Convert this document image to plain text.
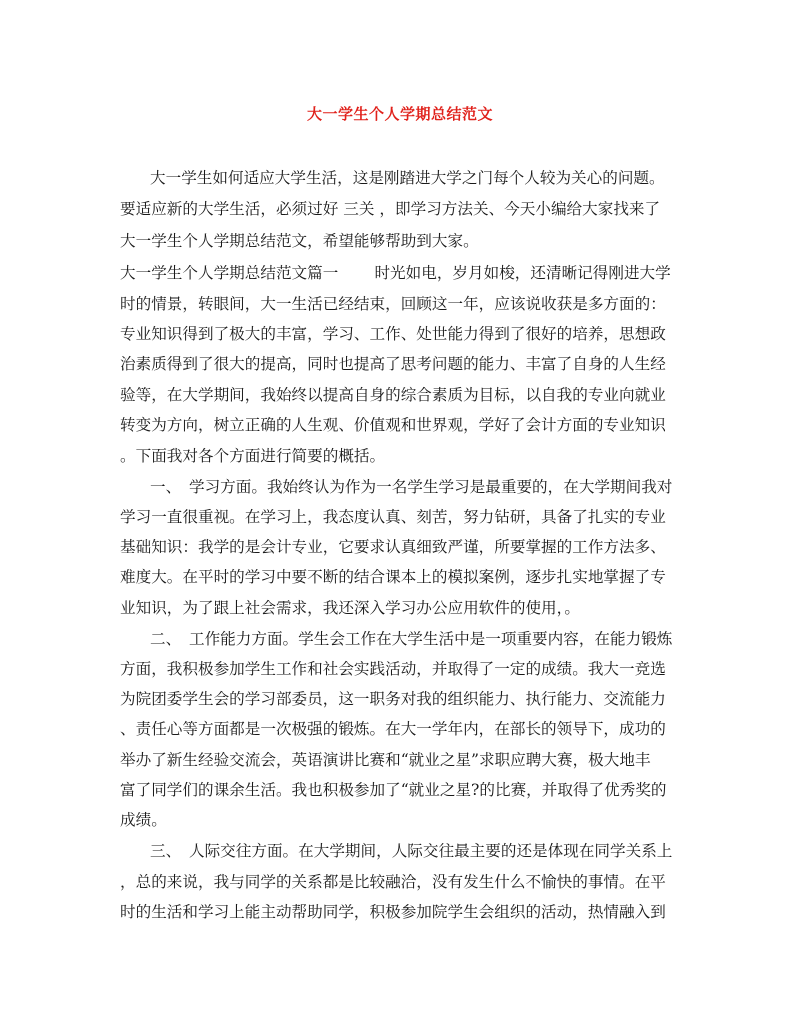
大一学生个人学期总结范文
大一学生如何适应大学生活，这是刚踏进大学之门每个人较为关心的问题。
要适应新的大学生活，必须过好 三关 ，即学习方法关、今天小编给大家找来了
大一学生个人学期总结范文，希望能够帮助到大家。
大一学生个人学期总结范文篇一　　 时光如电，岁月如梭，还清晰记得刚进大学
时的情景，转眼间，大一生活已经结束，回顾这一年，应该说收获是多方面的：
专业知识得到了极大的丰富，学习、工作、处世能力得到了很好的培养，思想政
治素质得到了很大的提高，同时也提高了思考问题的能力、丰富了自身的人生经
验等，在大学期间，我始终以提高自身的综合素质为目标，以自我的专业向就业
转变为方向，树立正确的人生观、价值观和世界观，学好了会计方面的专业知识
。下面我对各个方面进行简要的概括。
一、　学习方面。我始终认为作为一名学生学习是最重要的，在大学期间我对
学习一直很重视。在学习上，我态度认真、刻苦，努力钻研，具备了扎实的专业
基础知识：我学的是会计专业，它要求认真细致严谨，所要掌握的工作方法多、
难度大。在平时的学习中要不断的结合课本上的模拟案例，逐步扎实地掌握了专
业知识，为了跟上社会需求，我还深入学习办公应用软件的使用，。
二、　工作能力方面。学生会工作在大学生活中是一项重要内容，在能力锻炼
方面，我积极参加学生工作和社会实践活动，并取得了一定的成绩。我大一竞选
为院团委学生会的学习部委员，这一职务对我的组织能力、执行能力、交流能力
、责任心等方面都是一次极强的锻炼。在大一学年内，在部长的领导下，成功的
举办了新生经验交流会，英语演讲比赛和“就业之星”求职应聘大赛，极大地丰
富了同学们的课余生活。我也积极参加了“就业之星?的比赛，并取得了优秀奖的
成绩。
三、　人际交往方面。在大学期间，人际交往最主要的还是体现在同学关系上
，总的来说，我与同学的关系都是比较融洽，没有发生什么不愉快的事情。在平
时的生活和学习上能主动帮助同学，积极参加院学生会组织的活动，热情融入到
